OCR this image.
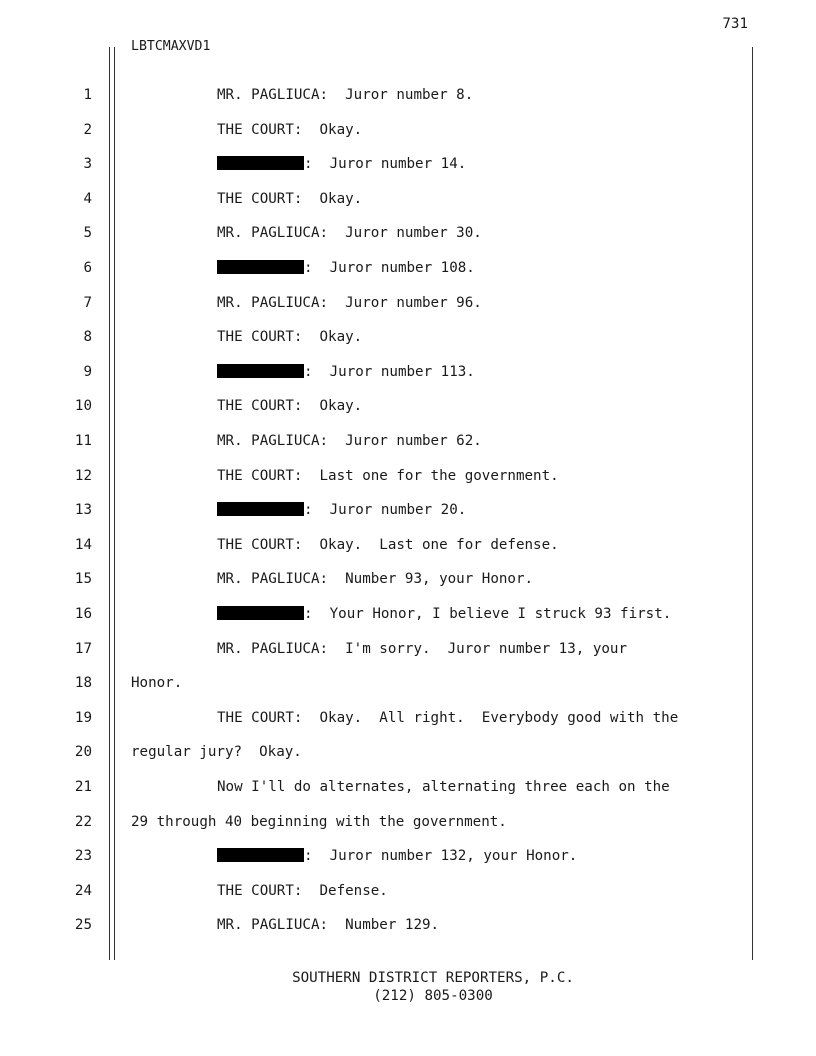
731
LBTCMAXVD1
1	MR. PAGLIUCA:  Juror number 8.
2	THE COURT:  Okay.
3	:  Juror number 14.
4	THE COURT:  Okay.
5	MR. PAGLIUCA:  Juror number 30.
6	:  Juror number 108.
7	MR. PAGLIUCA:  Juror number 96.
8	THE COURT:  Okay.
9	:  Juror number 113.
10	THE COURT:  Okay.
11	MR. PAGLIUCA:  Juror number 62.
12	THE COURT:  Last one for the government.
13	:  Juror number 20.
14	THE COURT:  Okay.  Last one for defense.
15	MR. PAGLIUCA:  Number 93, your Honor.
16	:  Your Honor, I believe I struck 93 first.
17	MR. PAGLIUCA:  I'm sorry.  Juror number 13, your
18	Honor.
19	THE COURT:  Okay.  All right.  Everybody good with the
20	regular jury?  Okay.
21	Now I'll do alternates, alternating three each on the
22	29 through 40 beginning with the government.
23	:  Juror number 132, your Honor.
24	THE COURT:  Defense.
25	MR. PAGLIUCA:  Number 129.
SOUTHERN DISTRICT REPORTERS, P.C.
(212) 805-0300
